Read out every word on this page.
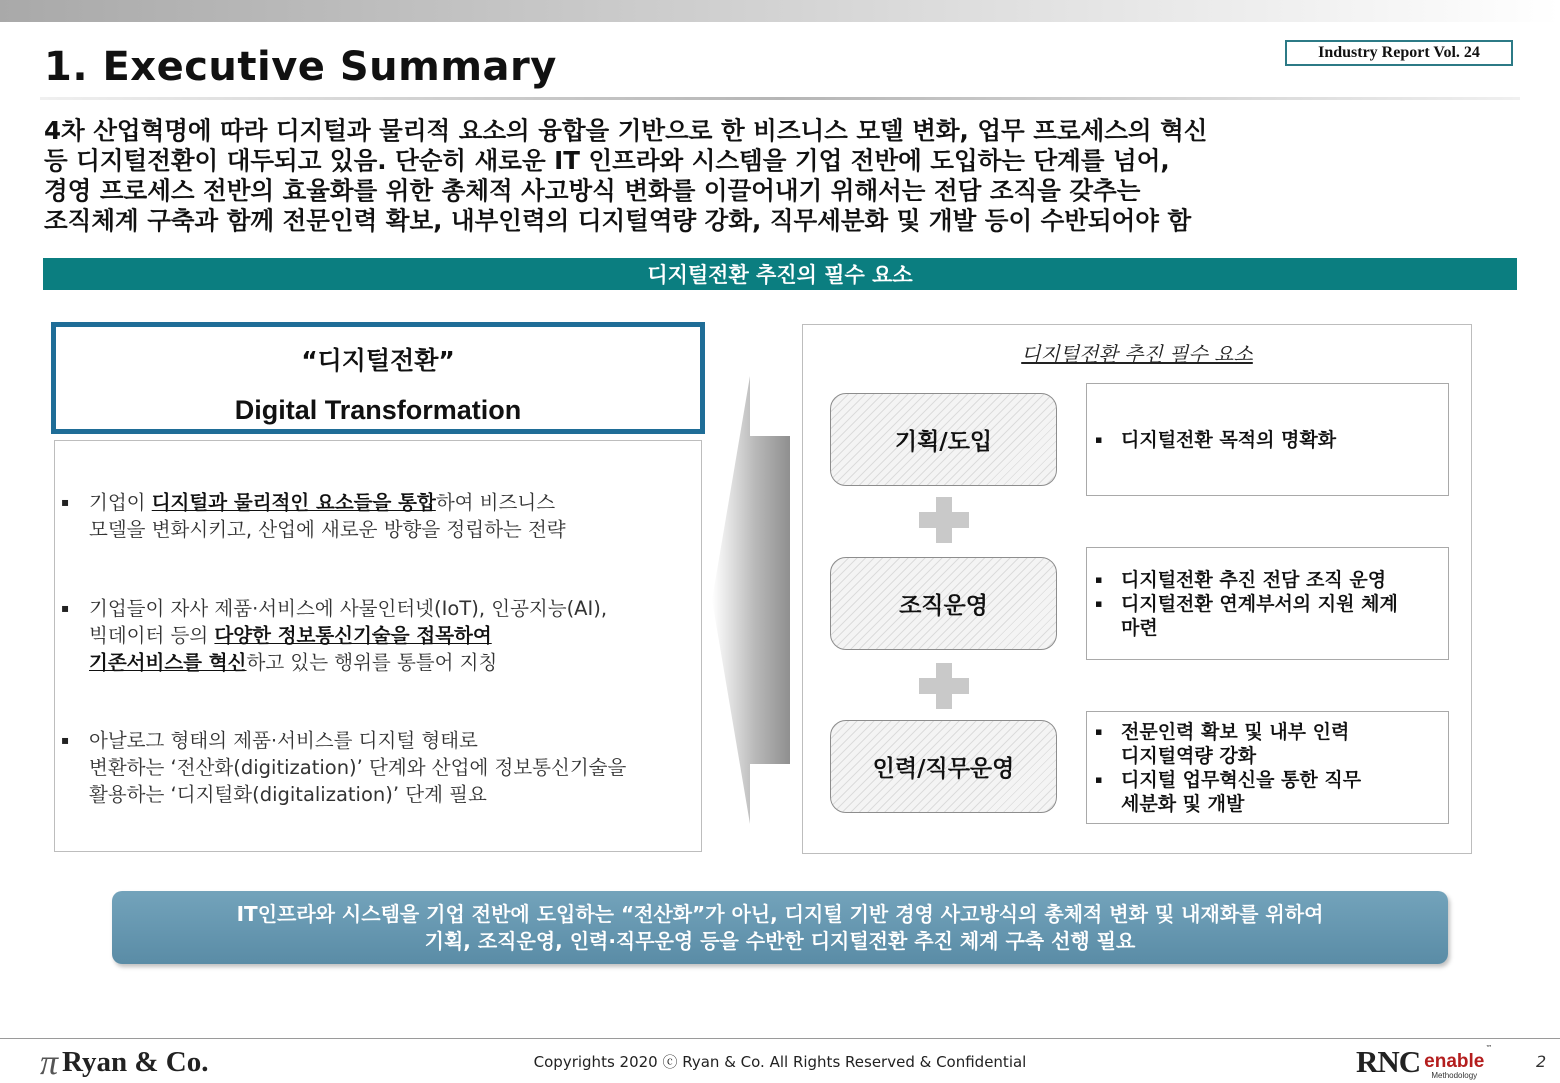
1. Executive Summary	Industry Report Vol. 24
4차 산업혁명에 따라 디지털과 물리적 요소의 융합을 기반으로 한 비즈니스 모델 변화, 업무 프로세스의 혁신
등 디지털전환이 대두되고 있음. 단순히 새로운 IT 인프라와 시스템을 기업 전반에 도입하는 단계를 넘어,
경영 프로세스 전반의 효율화를 위한 총체적 사고방식 변화를 이끌어내기 위해서는 전담 조직을 갖추는
조직체계 구축과 함께 전문인력 확보, 내부인력의 디지털역량 강화, 직무세분화 및 개발 등이 수반되어야 함
디지털전환 추진의 필수 요소
“디지털전환”
Digital Transformation
▪	기업이 디지털과 물리적인 요소들을 통합하여 비즈니스
모델을 변화시키고, 산업에 새로운 방향을 정립하는 전략
▪	기업들이 자사 제품·서비스에 사물인터넷(IoT), 인공지능(AI),
빅데이터 등의 다양한 정보통신기술을 접목하여
기존서비스를 혁신하고 있는 행위를 통틀어 지칭
▪	아날로그 형태의 제품·서비스를 디지털 형태로
변환하는 ‘전산화(digitization)’ 단계와 산업에 정보통신기술을
활용하는 ‘디지털화(digitalization)’ 단계 필요
디지털전환 추진 필수 요소
기획/도입
조직운영
인력/직무운영
▪ 디지털전환 목적의 명확화
▪ 디지털전환 추진 전담 조직 운영
▪ 디지털전환 연계부서의 지원 체계
마련
▪ 전문인력 확보 및 내부 인력
디지털역량 강화
▪ 디지털 업무혁신을 통한 직무
세분화 및 개발
IT인프라와 시스템을 기업 전반에 도입하는 “전산화”가 아닌, 디지털 기반 경영 사고방식의 총체적 변화 및 내재화를 위하여
기획, 조직운영, 인력·직무운영 등을 수반한 디지털전환 추진 체계 구축 선행 필요
π Ryan & Co.	Copyrights 2020 ⓒ Ryan & Co. All Rights Reserved & Confidential	RNC enable
Methodology
™
2
